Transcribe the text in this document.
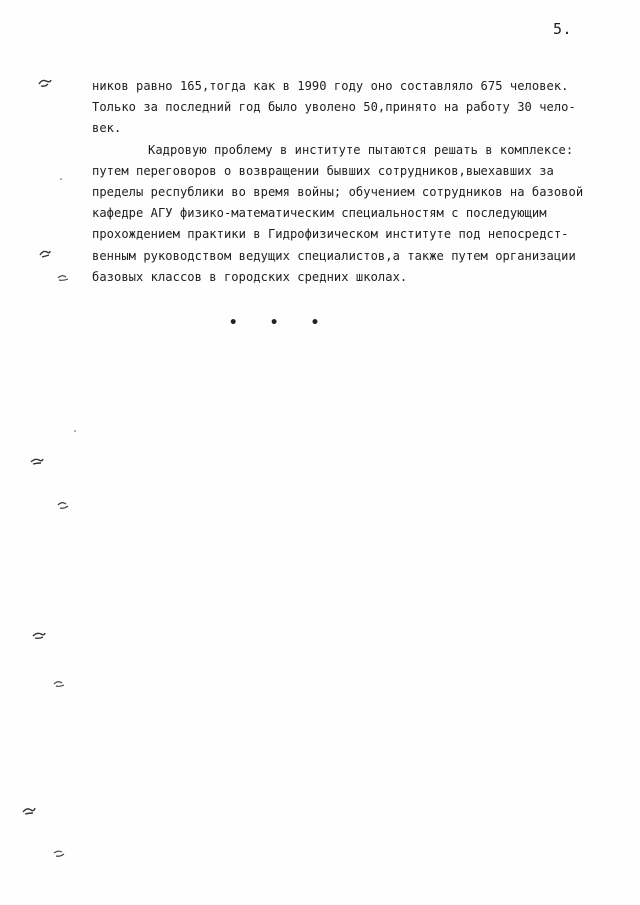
5.
ников равно 165,тогда как в 1990 году оно составляло 675 человек.
Только за последний год было уволено 50,принято на работу 30 чело-
век.
Кадровую проблему в институте пытаются решать в комплексе:
путем переговоров о возвращении бывших сотрудников,выехавших за
пределы республики во время войны; обучением сотрудников на базовой
кафедре АГУ физико-математическим специальностям с последующим
прохождением практики в Гидрофизическом институте под непосредст-
венным руководством ведущих специалистов,а также путем организации
базовых классов в городских средних школах.
• • •
